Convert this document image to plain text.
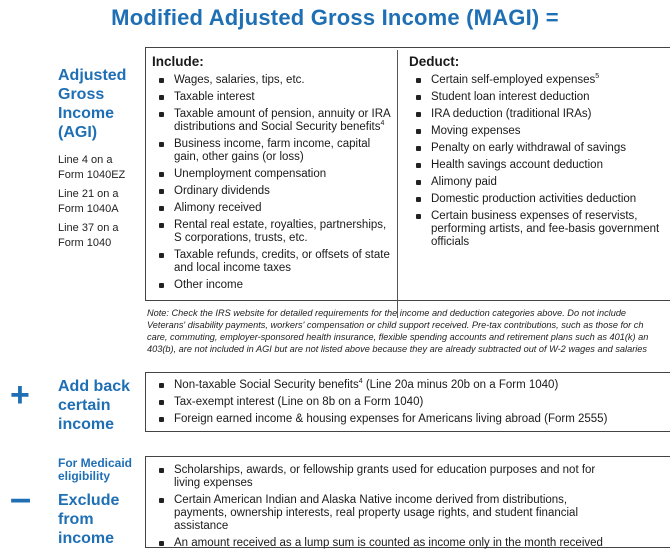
Modified Adjusted Gross Income (MAGI) =
Adjusted
Gross
Income
(AGI)
Line 4 on a
Form 1040EZ
Line 21 on a
Form 1040A
Line 37 on a
Form 1040
Include:
Wages, salaries, tips, etc.
Taxable interest
Taxable amount of pension, annuity or IRA distributions and Social Security benefits$^4$
Business income, farm income, capital gain, other gains (or loss)
Unemployment compensation
Ordinary dividends
Alimony received
Rental real estate, royalties, partnerships, S corporations, trusts, etc.
Taxable refunds, credits, or offsets of state and local income taxes
Other income
Deduct:
Certain self-employed expenses$^5$
Student loan interest deduction
IRA deduction (traditional IRAs)
Moving expenses
Penalty on early withdrawal of savings
Health savings account deduction
Alimony paid
Domestic production activities deduction
Certain business expenses of reservists, performing artists, and fee-basis government officials
Note: Check the IRS website for detailed requirements for the income and deduction categories above. Do not include
Veterans' disability payments, workers' compensation or child support received. Pre-tax contributions, such as those for ch
care, commuting, employer-sponsored health insurance, flexible spending accounts and retirement plans such as 401(k) an
403(b), are not included in AGI but are not listed above because they are already subtracted out of W-2 wages and salaries
+ Add back
certain
income
Non-taxable Social Security benefits$^4$ (Line 20a minus 20b on a Form 1040)
Tax-exempt interest (Line on 8b on a Form 1040)
Foreign earned income & housing expenses for Americans living abroad (Form 2555)
For Medicaid
eligibility
– Exclude
from
income
Scholarships, awards, or fellowship grants used for education purposes and not for living expenses
Certain American Indian and Alaska Native income derived from distributions, payments, ownership interests, real property usage rights, and student financial assistance
An amount received as a lump sum is counted as income only in the month received
